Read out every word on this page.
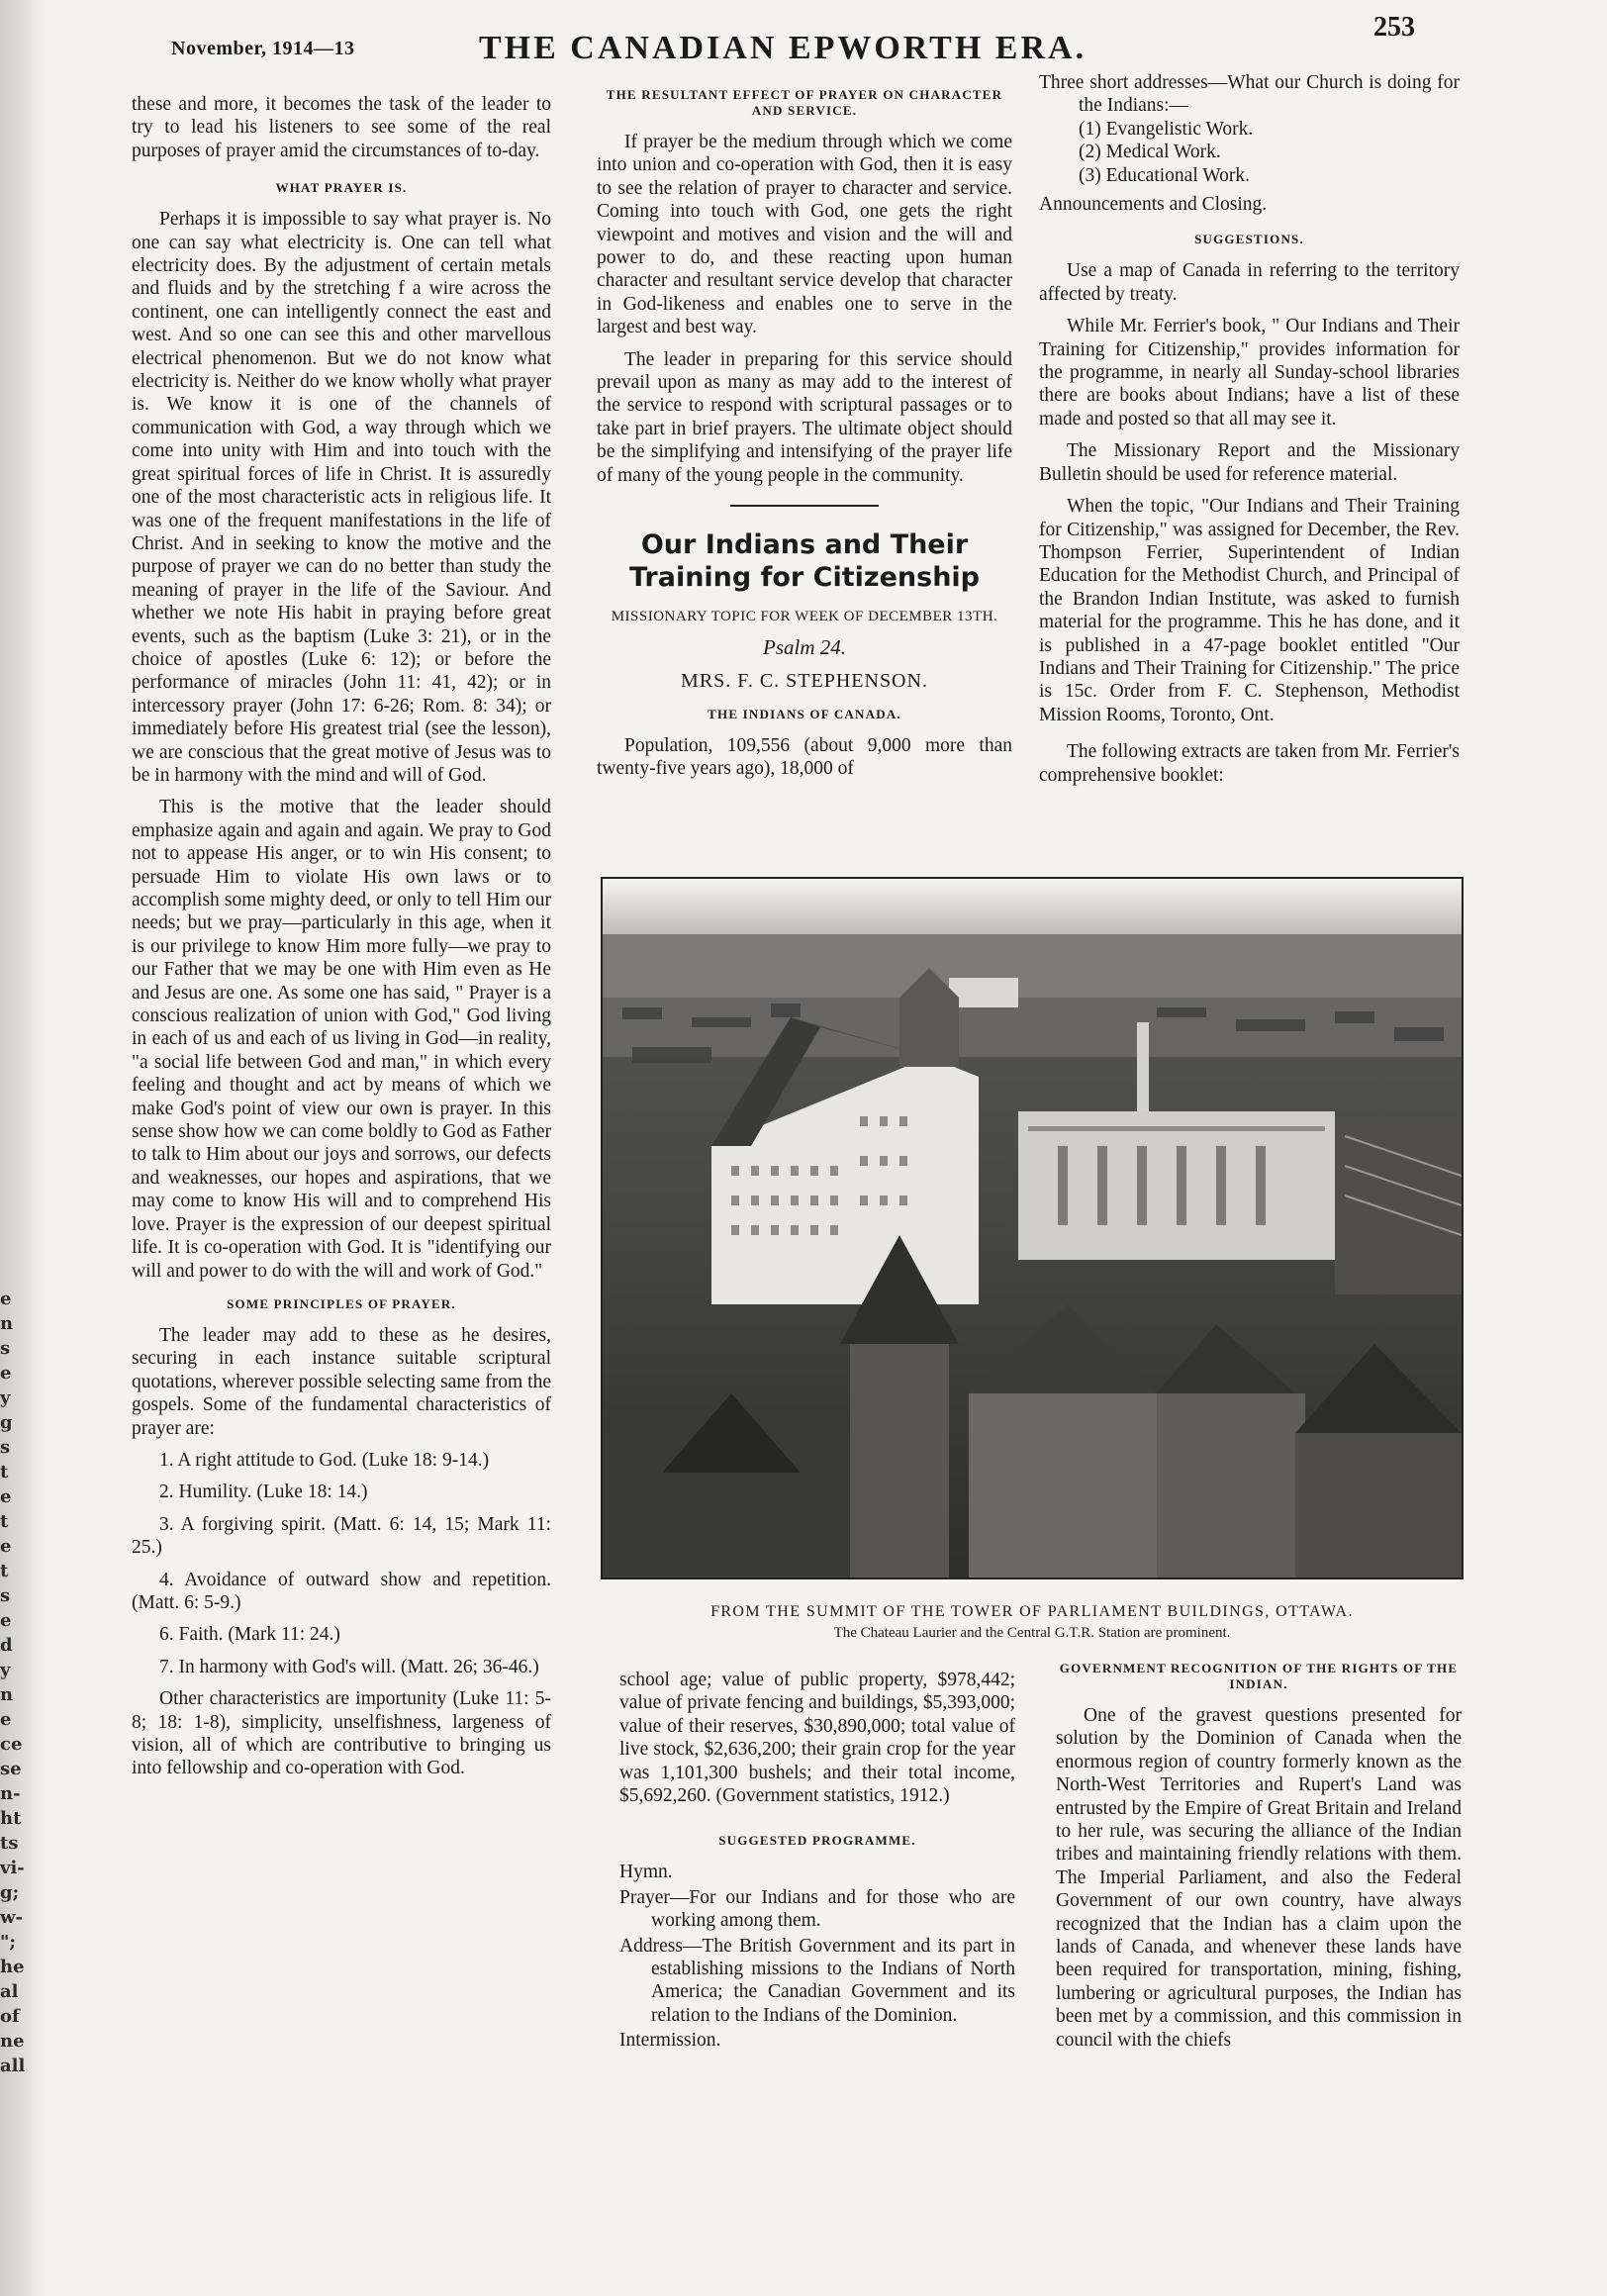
e
n
s
e
y
g
s
t
e
t
e
t
s
e
d
y
n
e
ce
se
n-
ht
ts
vi-
g;
w-
";
he
al
of
ne
all
November, 1914—13	THE CANADIAN EPWORTH ERA.
253

these and more, it becomes the task of the leader to try to lead his listeners to see some of the real purposes of prayer amid the circumstances of to-day.

WHAT PRAYER IS.

Perhaps it is impossible to say what prayer is. No one can say what electricity is. One can tell what electricity does. By the adjustment of certain metals and fluids and by the stretching f a wire across the continent, one can intelligently connect the east and west. And so one can see this and other marvellous electrical phenomenon. But we do not know what electricity is. Neither do we know wholly what prayer is. We know it is one of the channels of communication with God, a way through which we come into unity with Him and into touch with the great spiritual forces of life in Christ. It is assuredly one of the most characteristic acts in religious life. It was one of the frequent manifestations in the life of Christ. And in seeking to know the motive and the purpose of prayer we can do no better than study the meaning of prayer in the life of the Saviour. And whether we note His habit in praying before great events, such as the baptism (Luke 3: 21), or in the choice of apostles (Luke 6: 12); or before the performance of miracles (John 11: 41, 42); or in intercessory prayer (John 17: 6-26; Rom. 8: 34); or immediately before His greatest trial (see the lesson), we are conscious that the great motive of Jesus was to be in harmony with the mind and will of God.

This is the motive that the leader should emphasize again and again and again. We pray to God not to appease His anger, or to win His consent; to persuade Him to violate His own laws or to accomplish some mighty deed, or only to tell Him our needs; but we pray—particularly in this age, when it is our privilege to know Him more fully—we pray to our Father that we may be one with Him even as He and Jesus are one. As some one has said, " Prayer is a conscious realization of union with God," God living in each of us and each of us living in God—in reality, "a social life between God and man," in which every feeling and thought and act by means of which we make God's point of view our own is prayer. In this sense show how we can come boldly to God as Father to talk to Him about our joys and sorrows, our defects and weaknesses, our hopes and aspirations, that we may come to know His will and to comprehend His love. Prayer is the expression of our deepest spiritual life. It is co-operation with God. It is "identifying our will and power to do with the will and work of God."

SOME PRINCIPLES OF PRAYER.

The leader may add to these as he desires, securing in each instance suitable scriptural quotations, wherever possible selecting same from the gospels. Some of the fundamental characteristics of prayer are:

1. A right attitude to God. (Luke 18: 9-14.)

2. Humility. (Luke 18: 14.)

3. A forgiving spirit. (Matt. 6: 14, 15; Mark 11: 25.)

4. Avoidance of outward show and repetition. (Matt. 6: 5-9.)

6. Faith. (Mark 11: 24.)

7. In harmony with God's will. (Matt. 26; 36-46.)

Other characteristics are importunity (Luke 11: 5-8; 18: 1-8), simplicity, unselfishness, largeness of vision, all of which are contributive to bringing us into fellowship and co-operation with God.

THE RESULTANT EFFECT OF PRAYER ON CHARACTER AND SERVICE.

If prayer be the medium through which we come into union and co-operation with God, then it is easy to see the relation of prayer to character and service. Coming into touch with God, one gets the right viewpoint and motives and vision and the will and power to do, and these reacting upon human character and resultant service develop that character in God-likeness and enables one to serve in the largest and best way.

The leader in preparing for this service should prevail upon as many as may add to the interest of the service to respond with scriptural passages or to take part in brief prayers. The ultimate object should be the simplifying and intensifying of the prayer life of many of the young people in the community.

Our Indians and Their Training for Citizenship
MISSIONARY TOPIC FOR WEEK OF DECEMBER 13TH.
Psalm 24.
MRS. F. C. STEPHENSON.
THE INDIANS OF CANADA.

Population, 109,556 (about 9,000 more than twenty-five years ago), 18,000 of

Three short addresses—What our Church is doing for the Indians:—

(1) Evangelistic Work.
(2) Medical Work.
(3) Educational Work.

Announcements and Closing.

SUGGESTIONS.

Use a map of Canada in referring to the territory affected by treaty.

While Mr. Ferrier's book, " Our Indians and Their Training for Citizenship," provides information for the programme, in nearly all Sunday-school libraries there are books about Indians; have a list of these made and posted so that all may see it.

The Missionary Report and the Missionary Bulletin should be used for reference material.

When the topic, "Our Indians and Their Training for Citizenship," was assigned for December, the Rev. Thompson Ferrier, Superintendent of Indian Education for the Methodist Church, and Principal of the Brandon Indian Institute, was asked to furnish material for the programme. This he has done, and it is published in a 47-page booklet entitled "Our Indians and Their Training for Citizenship." The price is 15c. Order from F. C. Stephenson, Methodist Mission Rooms, Toronto, Ont.

The following extracts are taken from Mr. Ferrier's comprehensive booklet:

FROM THE SUMMIT OF THE TOWER OF PARLIAMENT BUILDINGS, OTTAWA.
The Chateau Laurier and the Central G.T.R. Station are prominent.

school age; value of public property, $978,442; value of private fencing and buildings, $5,393,000; value of their reserves, $30,890,000; total value of live stock, $2,636,200; their grain crop for the year was 1,101,300 bushels; and their total income, $5,692,260. (Government statistics, 1912.)

SUGGESTED PROGRAMME.

Hymn.

Prayer—For our Indians and for those who are working among them.

Address—The British Government and its part in establishing missions to the Indians of North America; the Canadian Government and its relation to the Indians of the Dominion.

Intermission.

GOVERNMENT RECOGNITION OF THE RIGHTS OF THE INDIAN.

One of the gravest questions presented for solution by the Dominion of Canada when the enormous region of country formerly known as the North-West Territories and Rupert's Land was entrusted by the Empire of Great Britain and Ireland to her rule, was securing the alliance of the Indian tribes and maintaining friendly relations with them. The Imperial Parliament, and also the Federal Government of our own country, have always recognized that the Indian has a claim upon the lands of Canada, and whenever these lands have been required for transportation, mining, fishing, lumbering or agricultural purposes, the Indian has been met by a commission, and this commission in council with the chiefs
